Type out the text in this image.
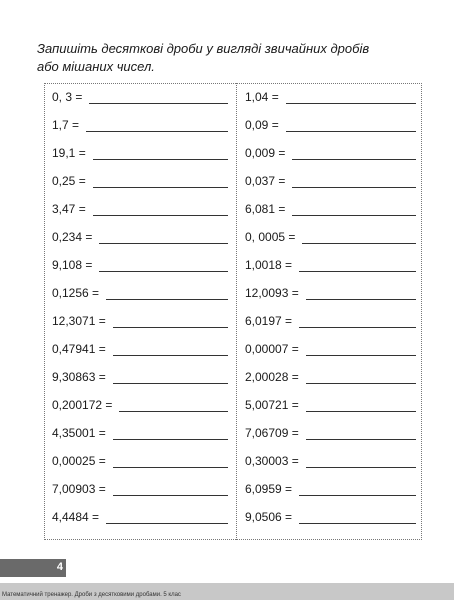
Запишіть десяткові дроби у вигляді звичайних дробів
або мішаних чисел.
0, 3 =
1,7 =
19,1 =
0,25 =
3,47 =
0,234 =
9,108 =
0,1256 =
12,3071 =
0,47941 =
9,30863 =
0,200172 =
4,35001 =
0,00025 =
7,00903 =
4,4484 =
1,04 =
0,09 =
0,009 =
0,037 =
6,081 =
0, 0005 =
1,0018 =
12,0093 =
6,0197 =
0,00007 =
2,00028 =
5,00721 =
7,06709 =
0,30003 =
6,0959 =
9,0506 =
4
Математичний тренажер. Дроби з десятковими дробами. 5 клас
